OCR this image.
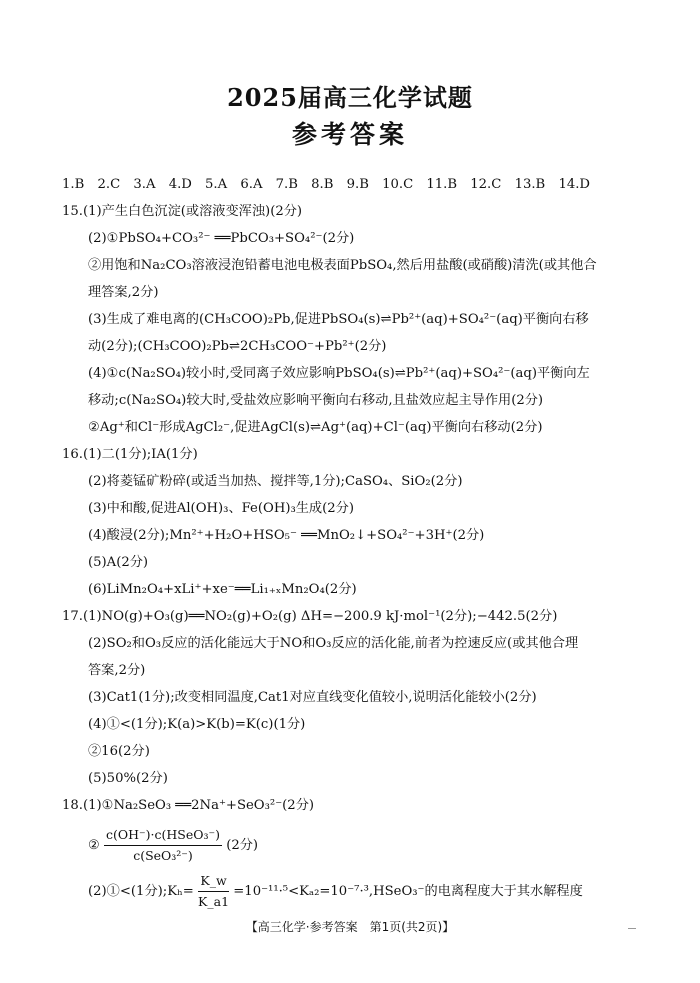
2025届高三化学试题
参考答案
1.B 2.C 3.A 4.D 5.A 6.A 7.B 8.B 9.B 10.C 11.B 12.C 13.B 14.D
15.(1)产生白色沉淀(或溶液变浑浊)(2分)
(2)①PbSO₄+CO₃²⁻ ══PbCO₃+SO₄²⁻(2分)
②用饱和Na₂CO₃溶液浸泡铅蓄电池电极表面PbSO₄,然后用盐酸(或硝酸)清洗(或其他合
理答案,2分)
(3)生成了难电离的(CH₃COO)₂Pb,促进PbSO₄(s)⇌Pb²⁺(aq)+SO₄²⁻(aq)平衡向右移
动(2分);(CH₃COO)₂Pb⇌2CH₃COO⁻+Pb²⁺(2分)
(4)①c(Na₂SO₄)较小时,受同离子效应影响PbSO₄(s)⇌Pb²⁺(aq)+SO₄²⁻(aq)平衡向左
移动;c(Na₂SO₄)较大时,受盐效应影响平衡向右移动,且盐效应起主导作用(2分)
②Ag⁺和Cl⁻形成AgCl₂⁻,促进AgCl(s)⇌Ag⁺(aq)+Cl⁻(aq)平衡向右移动(2分)
16.(1)二(1分);ⅠA(1分)
(2)将菱锰矿粉碎(或适当加热、搅拌等,1分);CaSO₄、SiO₂(2分)
(3)中和酸,促进Al(OH)₃、Fe(OH)₃生成(2分)
(4)酸浸(2分);Mn²⁺+H₂O+HSO₅⁻ ══MnO₂↓+SO₄²⁻+3H⁺(2分)
(5)A(2分)
(6)LiMn₂O₄+xLi⁺+xe⁻══Li₁₊ₓMn₂O₄(2分)
17.(1)NO(g)+O₃(g)══NO₂(g)+O₂(g) ΔH=−200.9 kJ·mol⁻¹(2分);−442.5(2分)
(2)SO₂和O₃反应的活化能远大于NO和O₃反应的活化能,前者为控速反应(或其他合理
答案,2分)
(3)Cat1(1分);改变相同温度,Cat1对应直线变化值较小,说明活化能较小(2分)
(4)①<(1分);K(a)>K(b)=K(c)(1分)
②16(2分)
(5)50%(2分)
18.(1)①Na₂SeO₃ ══2Na⁺+SeO₃²⁻(2分)
② $\frac{\text{c(OH⁻)·c(HSeO₃⁻)}}{\text{c(SeO₃²⁻)}} (2$分)
(2)①<(1分);Kₕ= $\frac{K\_w}{K\_a1}$ =10⁻¹¹·⁵<Kₐ₂=10⁻⁷·³,HSeO₃⁻的电离程度大于其水解程度
【高三化学·参考答案　第1页(共2页)】
